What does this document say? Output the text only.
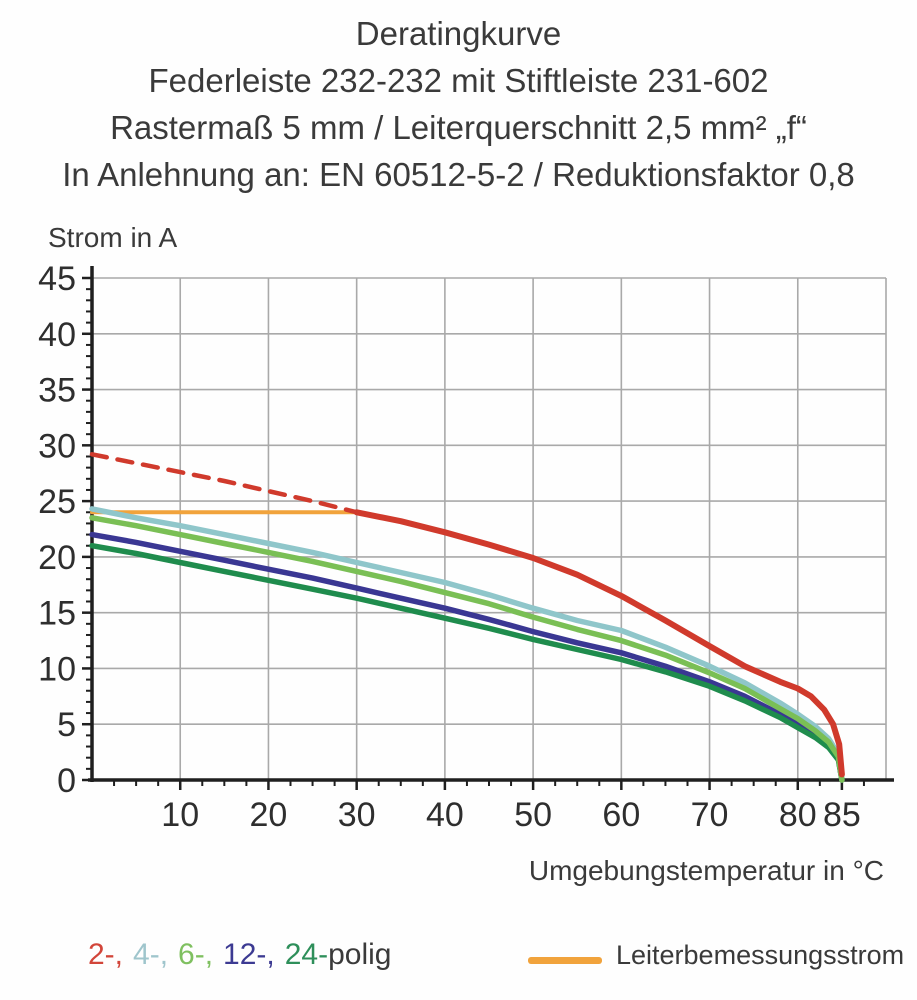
Deratingkurve
Federleiste 232-232 mit Stiftleiste 231-602
Rastermaß 5 mm / Leiterquerschnitt 2,5 mm² „f“
In Anlehnung an: EN 60512-5-2 / Reduktionsfaktor 0,8
Strom in A
0
5
10
15
20
25
30
35
40
45
10 20 30 40 50 60 70 80 85
Umgebungstemperatur in °C
2-, 4-, 6-, 12-, 24-polig	Leiterbemessungsstrom
